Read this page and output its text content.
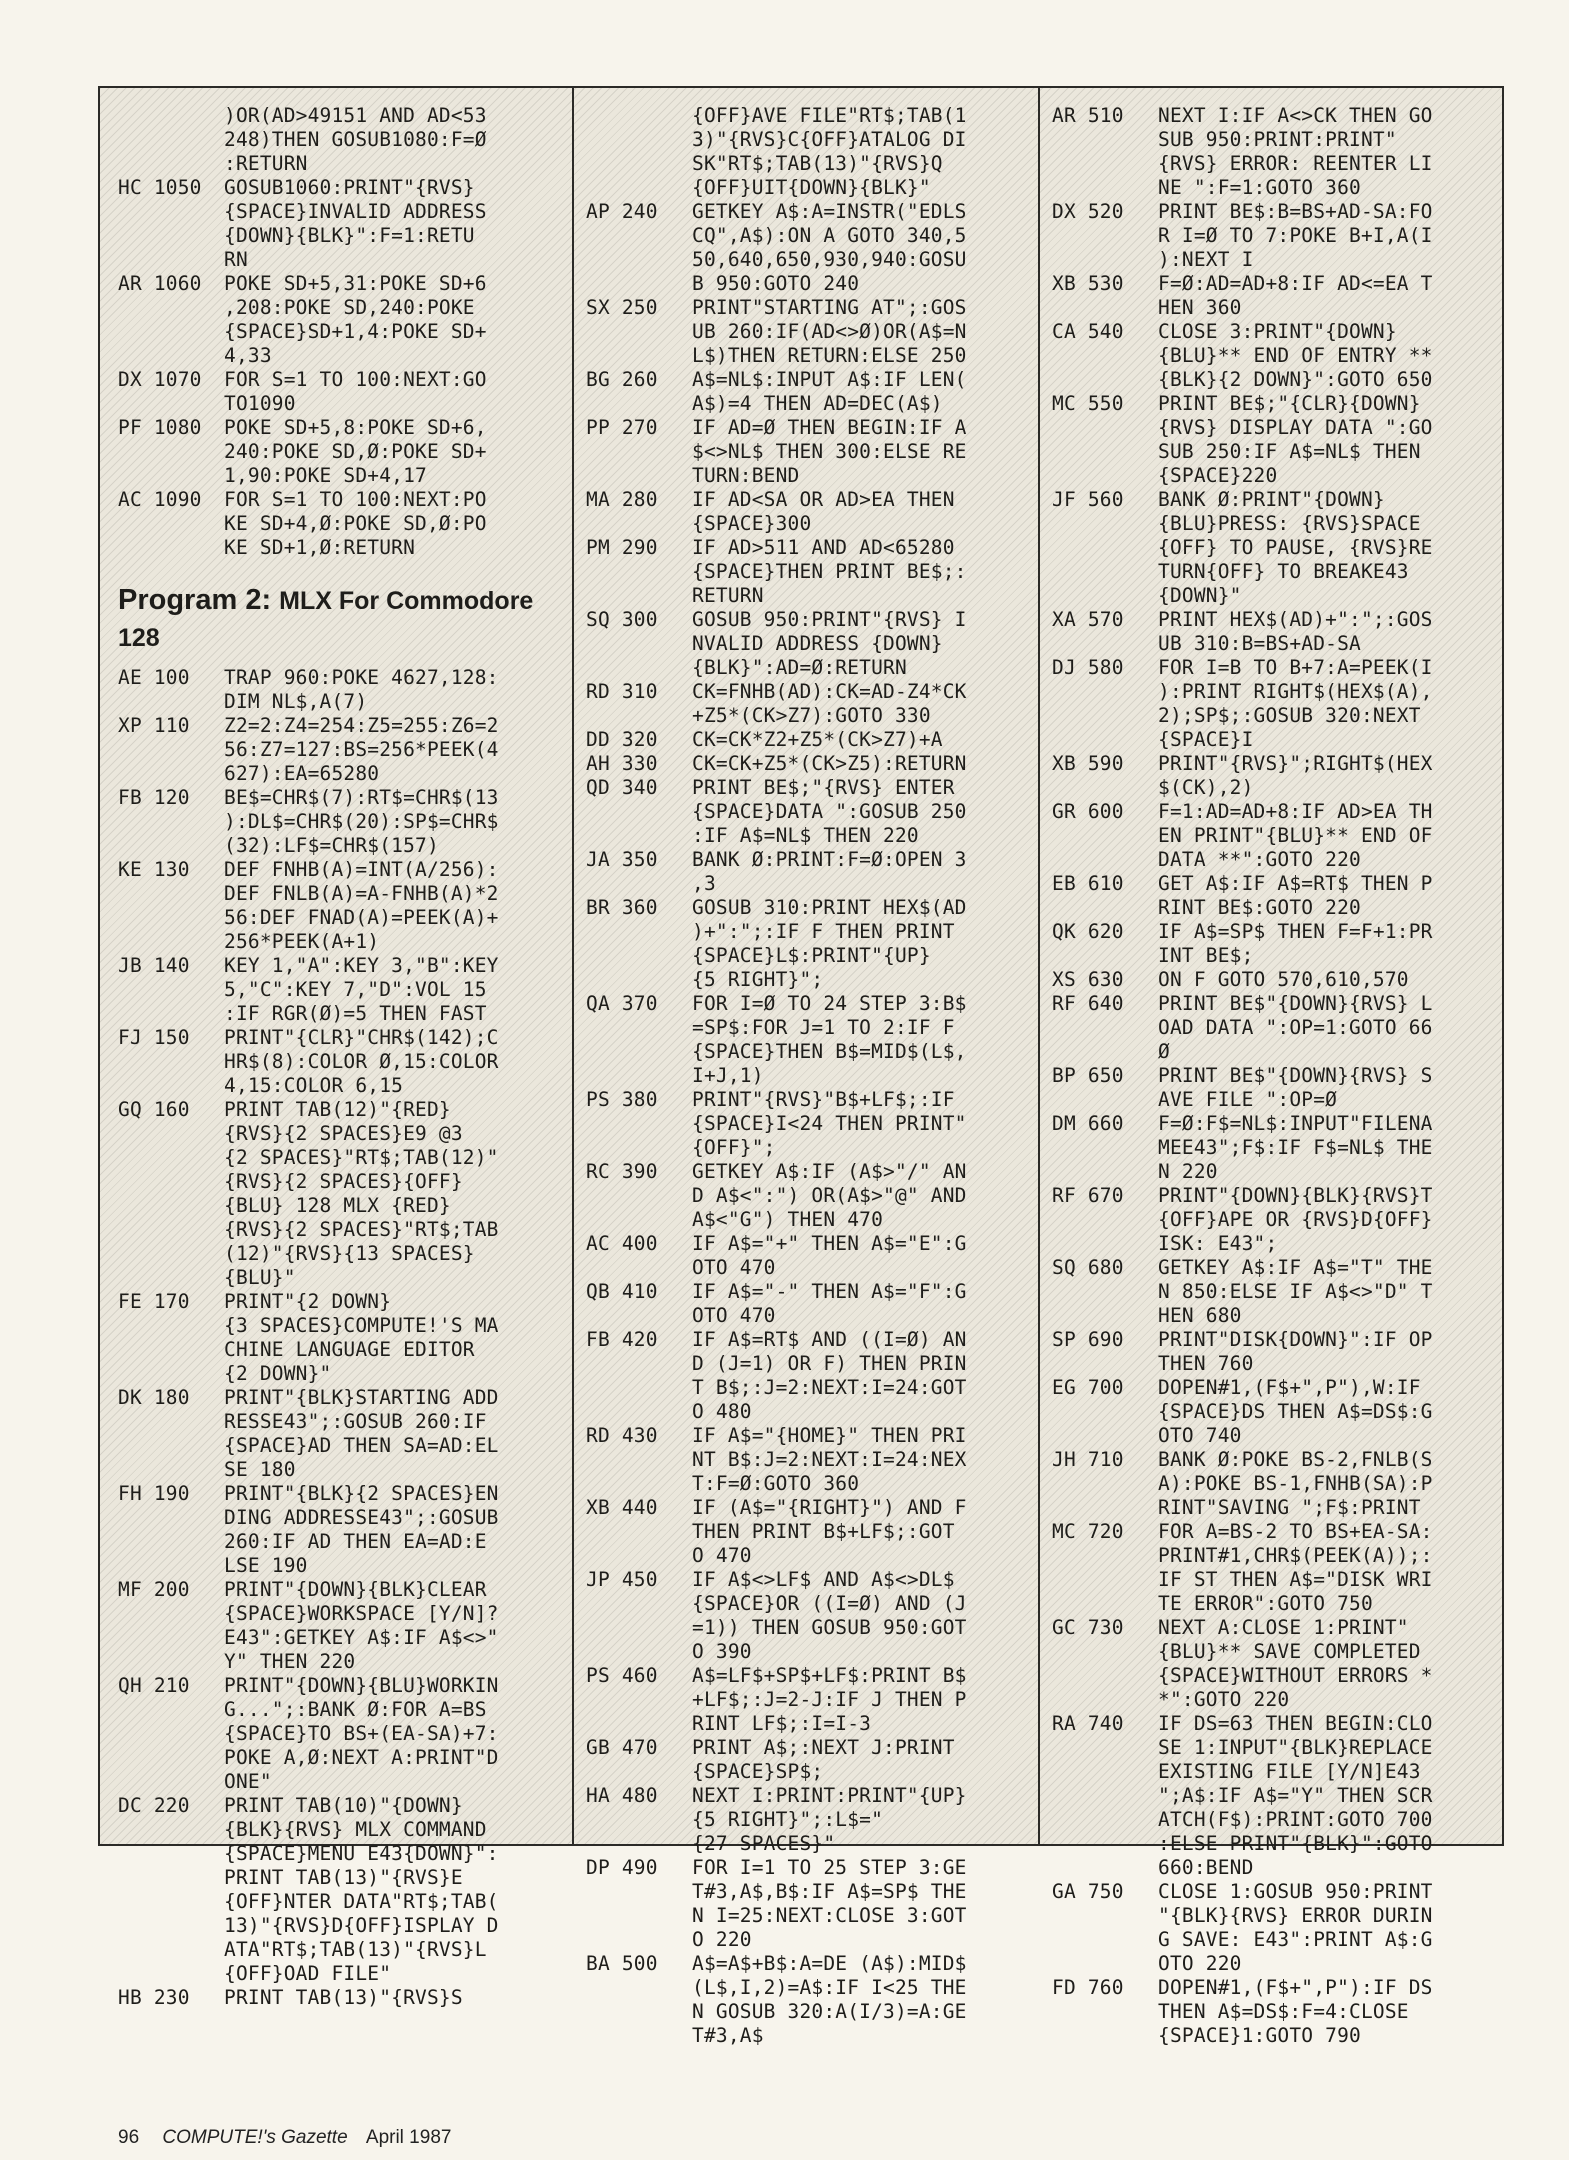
)OR(AD>49151 AND AD<53
248)THEN GOSUB1080:F=Ø
:RETURN
HC 1050 GOSUB1060:PRINT"{RVS}
{SPACE}INVALID ADDRESS
{DOWN}{BLK}":F=1:RETU
RN
AR 1060 POKE SD+5,31:POKE SD+6
,208:POKE SD,240:POKE
{SPACE}SD+1,4:POKE SD+
4,33
DX 1070 FOR S=1 TO 100:NEXT:GO
TO1090
PF 1080 POKE SD+5,8:POKE SD+6,
240:POKE SD,Ø:POKE SD+
1,90:POKE SD+4,17
AC 1090 FOR S=1 TO 100:NEXT:PO
KE SD+4,Ø:POKE SD,Ø:PO
KE SD+1,Ø:RETURN
Program 2: MLX For Commodore 128
AE 100 TRAP 960:POKE 4627,128:
DIM NL$,A(7)
XP 110 Z2=2:Z4=254:Z5=255:Z6=2
56:Z7=127:BS=256*PEEK(4
627):EA=65280
FB 120 BE$=CHR$(7):RT$=CHR$(13
):DL$=CHR$(20):SP$=CHR$
(32):LF$=CHR$(157)
KE 130 DEF FNHB(A)=INT(A/256):
DEF FNLB(A)=A-FNHB(A)*2
56:DEF FNAD(A)=PEEK(A)+
256*PEEK(A+1)
JB 140 KEY 1,"A":KEY 3,"B":KEY
5,"C":KEY 7,"D":VOL 15
:IF RGR(Ø)=5 THEN FAST
FJ 150 PRINT"{CLR}"CHR$(142);C
HR$(8):COLOR Ø,15:COLOR
4,15:COLOR 6,15
GQ 160 PRINT TAB(12)"{RED}
{RVS}{2 SPACES}E9 @3
{2 SPACES}"RT$;TAB(12)"
{RVS}{2 SPACES}{OFF}
{BLU} 128 MLX {RED}
{RVS}{2 SPACES}"RT$;TAB
(12)"{RVS}{13 SPACES}
{BLU}"
FE 170 PRINT"{2 DOWN}
{3 SPACES}COMPUTE!'S MA
CHINE LANGUAGE EDITOR
{2 DOWN}"
DK 180 PRINT"{BLK}STARTING ADD
RESSE43";:GOSUB 260:IF
{SPACE}AD THEN SA=AD:EL
SE 180
FH 190 PRINT"{BLK}{2 SPACES}EN
DING ADDRESSE43";:GOSUB
260:IF AD THEN EA=AD:E
LSE 190
MF 200 PRINT"{DOWN}{BLK}CLEAR
{SPACE}WORKSPACE [Y/N]?
E43":GETKEY A$:IF A$<>"
Y" THEN 220
QH 210 PRINT"{DOWN}{BLU}WORKIN
G...";:BANK Ø:FOR A=BS
{SPACE}TO BS+(EA-SA)+7:
POKE A,Ø:NEXT A:PRINT"D
ONE"
DC 220 PRINT TAB(10)"{DOWN}
{BLK}{RVS} MLX COMMAND
{SPACE}MENU E43{DOWN}":
PRINT TAB(13)"{RVS}E
{OFF}NTER DATA"RT$;TAB(
13)"{RVS}D{OFF}ISPLAY D
ATA"RT$;TAB(13)"{RVS}L
{OFF}OAD FILE"
HB 230 PRINT TAB(13)"{RVS}S
{OFF}AVE FILE"RT$;TAB(1
3)"{RVS}C{OFF}ATALOG DI
SK"RT$;TAB(13)"{RVS}Q
{OFF}UIT{DOWN}{BLK}"
AP 240 GETKEY A$:A=INSTR("EDLS
CQ",A$):ON A GOTO 340,5
50,640,650,930,940:GOSU
B 950:GOTO 240
SX 250 PRINT"STARTING AT";:GOS
UB 260:IF(AD<>Ø)OR(A$=N
L$)THEN RETURN:ELSE 250
BG 260 A$=NL$:INPUT A$:IF LEN(
A$)=4 THEN AD=DEC(A$)
PP 270 IF AD=Ø THEN BEGIN:IF A
$<>NL$ THEN 300:ELSE RE
TURN:BEND
MA 280 IF AD<SA OR AD>EA THEN
{SPACE}300
PM 290 IF AD>511 AND AD<65280
{SPACE}THEN PRINT BE$;:
RETURN
SQ 300 GOSUB 950:PRINT"{RVS} I
NVALID ADDRESS {DOWN}
{BLK}":AD=Ø:RETURN
RD 310 CK=FNHB(AD):CK=AD-Z4*CK
+Z5*(CK>Z7):GOTO 330
DD 320 CK=CK*Z2+Z5*(CK>Z7)+A
AH 330 CK=CK+Z5*(CK>Z5):RETURN
QD 340 PRINT BE$;"{RVS} ENTER
{SPACE}DATA ":GOSUB 250
:IF A$=NL$ THEN 220
JA 350 BANK Ø:PRINT:F=Ø:OPEN 3
,3
BR 360 GOSUB 310:PRINT HEX$(AD
)+":";:IF F THEN PRINT
{SPACE}L$:PRINT"{UP}
{5 RIGHT}";
QA 370 FOR I=Ø TO 24 STEP 3:B$
=SP$:FOR J=1 TO 2:IF F
{SPACE}THEN B$=MID$(L$,
I+J,1)
PS 380 PRINT"{RVS}"B$+LF$;:IF
{SPACE}I<24 THEN PRINT"
{OFF}";
RC 390 GETKEY A$:IF (A$>"/" AN
D A$<":") OR(A$>"@" AND
A$<"G") THEN 470
AC 400 IF A$="+" THEN A$="E":G
OTO 470
QB 410 IF A$="-" THEN A$="F":G
OTO 470
FB 420 IF A$=RT$ AND ((I=Ø) AN
D (J=1) OR F) THEN PRIN
T B$;:J=2:NEXT:I=24:GOT
O 480
RD 430 IF A$="{HOME}" THEN PRI
NT B$:J=2:NEXT:I=24:NEX
T:F=Ø:GOTO 360
XB 440 IF (A$="{RIGHT}") AND F
THEN PRINT B$+LF$;:GOT
O 470
JP 450 IF A$<>LF$ AND A$<>DL$
{SPACE}OR ((I=Ø) AND (J
=1)) THEN GOSUB 950:GOT
O 390
PS 460 A$=LF$+SP$+LF$:PRINT B$
+LF$;:J=2-J:IF J THEN P
RINT LF$;:I=I-3
GB 470 PRINT A$;:NEXT J:PRINT
{SPACE}SP$;
HA 480 NEXT I:PRINT:PRINT"{UP}
{5 RIGHT}";:L$="
{27 SPACES}"
DP 490 FOR I=1 TO 25 STEP 3:GE
T#3,A$,B$:IF A$=SP$ THE
N I=25:NEXT:CLOSE 3:GOT
O 220
BA 500 A$=A$+B$:A=DE (A$):MID$
(L$,I,2)=A$:IF I<25 THE
N GOSUB 320:A(I/3)=A:GE
T#3,A$
AR 510 NEXT I:IF A<>CK THEN GO
SUB 950:PRINT:PRINT"
{RVS} ERROR: REENTER LI
NE ":F=1:GOTO 360
DX 520 PRINT BE$:B=BS+AD-SA:FO
R I=Ø TO 7:POKE B+I,A(I
):NEXT I
XB 530 F=Ø:AD=AD+8:IF AD<=EA T
HEN 360
CA 540 CLOSE 3:PRINT"{DOWN}
{BLU}** END OF ENTRY **
{BLK}{2 DOWN}":GOTO 650
MC 550 PRINT BE$;"{CLR}{DOWN}
{RVS} DISPLAY DATA ":GO
SUB 250:IF A$=NL$ THEN
{SPACE}220
JF 560 BANK Ø:PRINT"{DOWN}
{BLU}PRESS: {RVS}SPACE
{OFF} TO PAUSE, {RVS}RE
TURN{OFF} TO BREAKE43
{DOWN}"
XA 570 PRINT HEX$(AD)+":";:GOS
UB 310:B=BS+AD-SA
DJ 580 FOR I=B TO B+7:A=PEEK(I
):PRINT RIGHT$(HEX$(A),
2);SP$;:GOSUB 320:NEXT
{SPACE}I
XB 590 PRINT"{RVS}";RIGHT$(HEX
$(CK),2)
GR 600 F=1:AD=AD+8:IF AD>EA TH
EN PRINT"{BLU}** END OF
DATA **":GOTO 220
EB 610 GET A$:IF A$=RT$ THEN P
RINT BE$:GOTO 220
QK 620 IF A$=SP$ THEN F=F+1:PR
INT BE$;
XS 630 ON F GOTO 570,610,570
RF 640 PRINT BE$"{DOWN}{RVS} L
OAD DATA ":OP=1:GOTO 66
Ø
BP 650 PRINT BE$"{DOWN}{RVS} S
AVE FILE ":OP=Ø
DM 660 F=Ø:F$=NL$:INPUT"FILENA
MEE43";F$:IF F$=NL$ THE
N 220
RF 670 PRINT"{DOWN}{BLK}{RVS}T
{OFF}APE OR {RVS}D{OFF}
ISK: E43";
SQ 680 GETKEY A$:IF A$="T" THE
N 850:ELSE IF A$<>"D" T
HEN 680
SP 690 PRINT"DISK{DOWN}":IF OP
THEN 760
EG 700 DOPEN#1,(F$+",P"),W:IF
{SPACE}DS THEN A$=DS$:G
OTO 740
JH 710 BANK Ø:POKE BS-2,FNLB(S
A):POKE BS-1,FNHB(SA):P
RINT"SAVING ";F$:PRINT
MC 720 FOR A=BS-2 TO BS+EA-SA:
PRINT#1,CHR$(PEEK(A));:
IF ST THEN A$="DISK WRI
TE ERROR":GOTO 750
GC 730 NEXT A:CLOSE 1:PRINT"
{BLU}** SAVE COMPLETED
{SPACE}WITHOUT ERRORS *
*":GOTO 220
RA 740 IF DS=63 THEN BEGIN:CLO
SE 1:INPUT"{BLK}REPLACE
EXISTING FILE [Y/N]E43
";A$:IF A$="Y" THEN SCR
ATCH(F$):PRINT:GOTO 700
:ELSE PRINT"{BLK}":GOTO
660:BEND
GA 750 CLOSE 1:GOSUB 950:PRINT
"{BLK}{RVS} ERROR DURIN
G SAVE: E43":PRINT A$:G
OTO 220
FD 760 DOPEN#1,(F$+",P"):IF DS
THEN A$=DS$:F=4:CLOSE
{SPACE}1:GOTO 790
96 COMPUTE!'s Gazette April 1987
